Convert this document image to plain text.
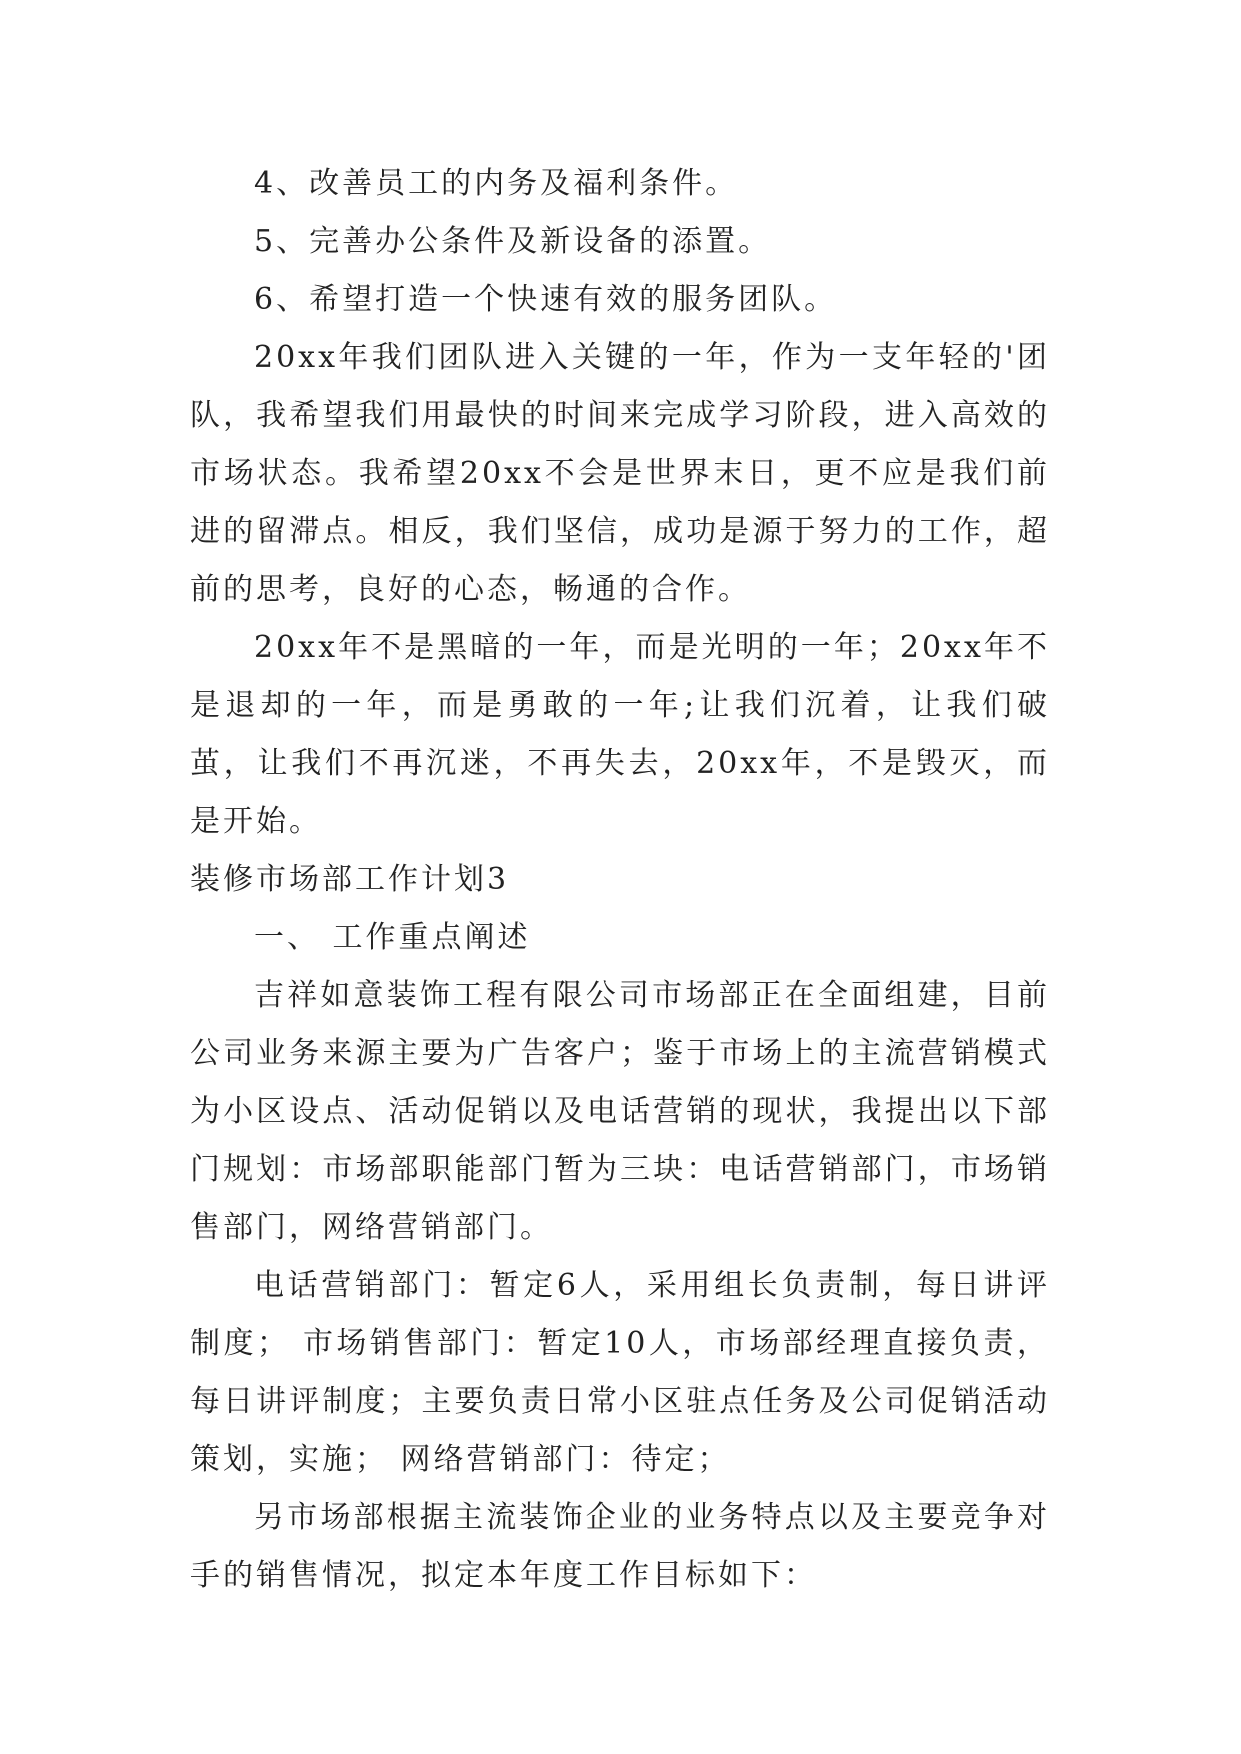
4、改善员工的内务及福利条件。

5、完善办公条件及新设备的添置。

6、希望打造一个快速有效的服务团队。

20xx年我们团队进入关键的一年，作为一支年轻的'团队，我希望我们用最快的时间来完成学习阶段，进入高效的市场状态。我希望20xx不会是世界末日，更不应是我们前进的留滞点。相反，我们坚信，成功是源于努力的工作，超前的思考，良好的心态，畅通的合作。

20xx年不是黑暗的一年，而是光明的一年；20xx年不是退却的一年，而是勇敢的一年;让我们沉着，让我们破茧，让我们不再沉迷，不再失去，20xx年，不是毁灭，而是开始。

装修市场部工作计划3

一、 工作重点阐述

吉祥如意装饰工程有限公司市场部正在全面组建，目前公司业务来源主要为广告客户；鉴于市场上的主流营销模式为小区设点、活动促销以及电话营销的现状，我提出以下部门规划：市场部职能部门暂为三块：电话营销部门，市场销售部门，网络营销部门。

电话营销部门：暂定6人，采用组长负责制，每日讲评制度； 市场销售部门：暂定10人，市场部经理直接负责，每日讲评制度；主要负责日常小区驻点任务及公司促销活动策划，实施； 网络营销部门：待定；

另市场部根据主流装饰企业的业务特点以及主要竞争对手的销售情况，拟定本年度工作目标如下：
